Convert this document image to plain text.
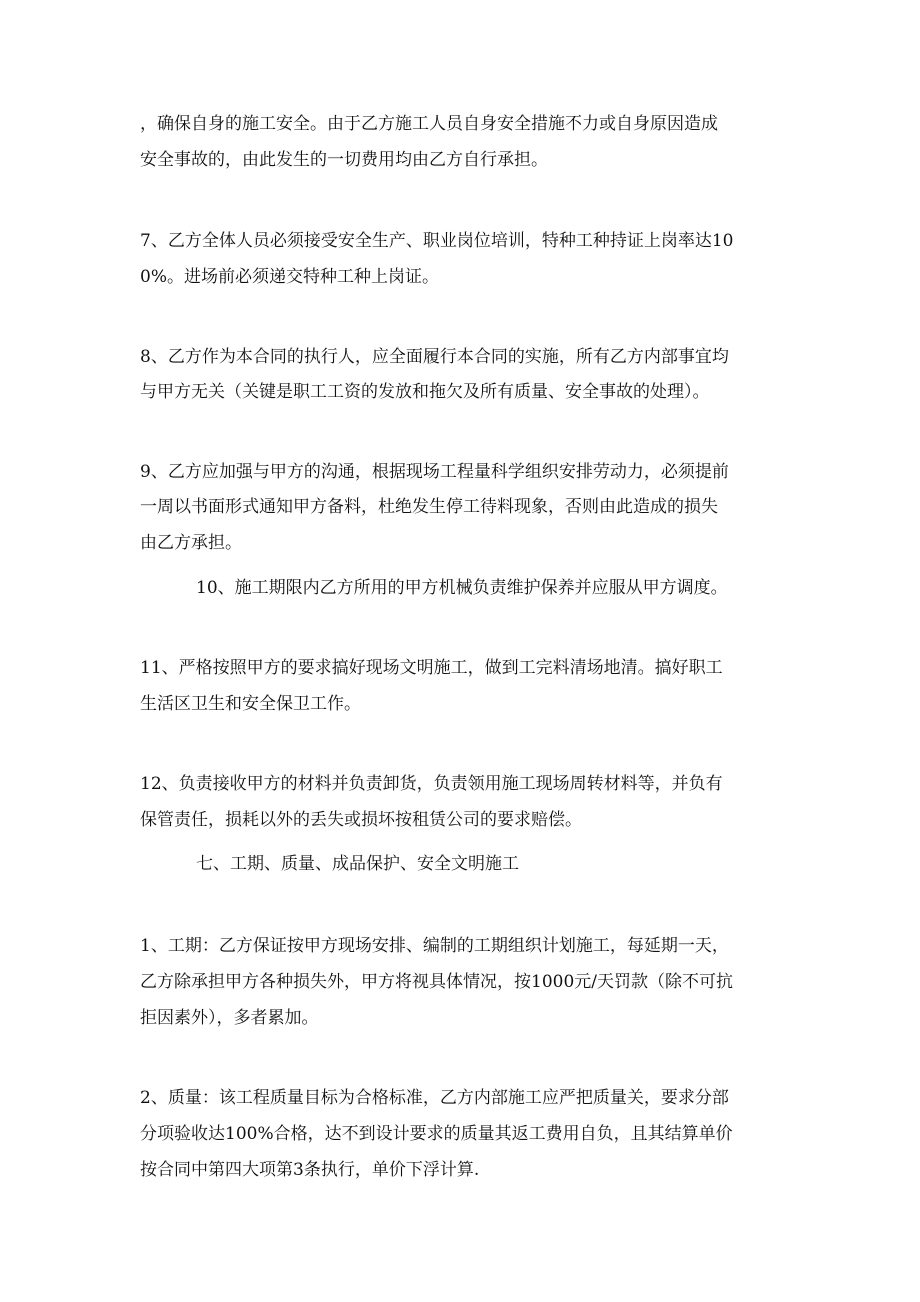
，确保自身的施工安全。由于乙方施工人员自身安全措施不力或自身原因造成
安全事故的，由此发生的一切费用均由乙方自行承担。
7、乙方全体人员必须接受安全生产、职业岗位培训，特种工种持证上岗率达10
0%。进场前必须递交特种工种上岗证。
8、乙方作为本合同的执行人，应全面履行本合同的实施，所有乙方内部事宜均
与甲方无关（关键是职工工资的发放和拖欠及所有质量、安全事故的处理）。
9、乙方应加强与甲方的沟通，根据现场工程量科学组织安排劳动力，必须提前
一周以书面形式通知甲方备料，杜绝发生停工待料现象，否则由此造成的损失
由乙方承担。
10、施工期限内乙方所用的甲方机械负责维护保养并应服从甲方调度。
11、严格按照甲方的要求搞好现场文明施工，做到工完料清场地清。搞好职工
生活区卫生和安全保卫工作。
12、负责接收甲方的材料并负责卸货，负责领用施工现场周转材料等，并负有
保管责任，损耗以外的丢失或损坏按租赁公司的要求赔偿。
七、工期、质量、成品保护、安全文明施工
1、工期：乙方保证按甲方现场安排、编制的工期组织计划施工，每延期一天，
乙方除承担甲方各种损失外，甲方将视具体情况，按1000元/天罚款（除不可抗
拒因素外），多者累加。
2、质量：该工程质量目标为合格标准，乙方内部施工应严把质量关，要求分部
分项验收达100%合格，达不到设计要求的质量其返工费用自负，且其结算单价
按合同中第四大项第3条执行，单价下浮计算.
